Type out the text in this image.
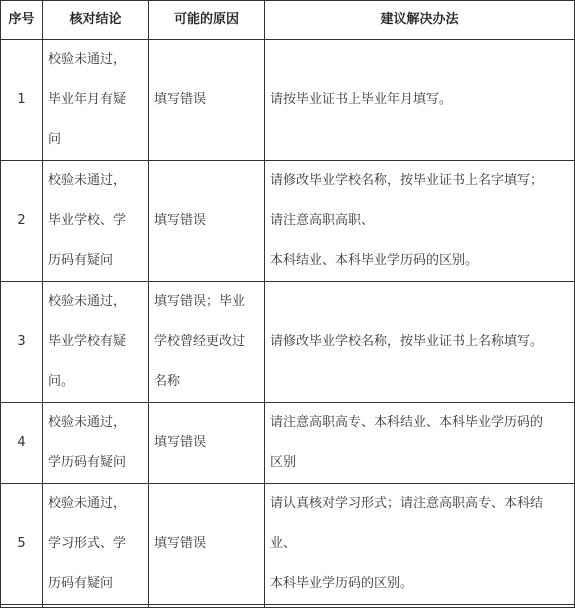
序号	核对结论	可能的原因	建议解决办法
1	校验未通过，
毕业年月有疑
问	填写错误	请按毕业证书上毕业年月填写。

2	校验未通过，
毕业学校、学
历码有疑问	填写错误	请修改毕业学校名称，按毕业证书上名字填写；
请注意高职高职、
本科结业、本科毕业学历码的区别。

3	校验未通过，
毕业学校有疑
问。	填写错误；毕业
学校曾经更改过
名称	请修改毕业学校名称，按毕业证书上名称填写。

4	校验未通过，
学历码有疑问	填写错误	请注意高职高专、本科结业、本科毕业学历码的
区别

5	校验未通过，
学习形式、学
历码有疑问	填写错误	请认真核对学习形式；请注意高职高专、本科结
业、
本科毕业学历码的区别。
